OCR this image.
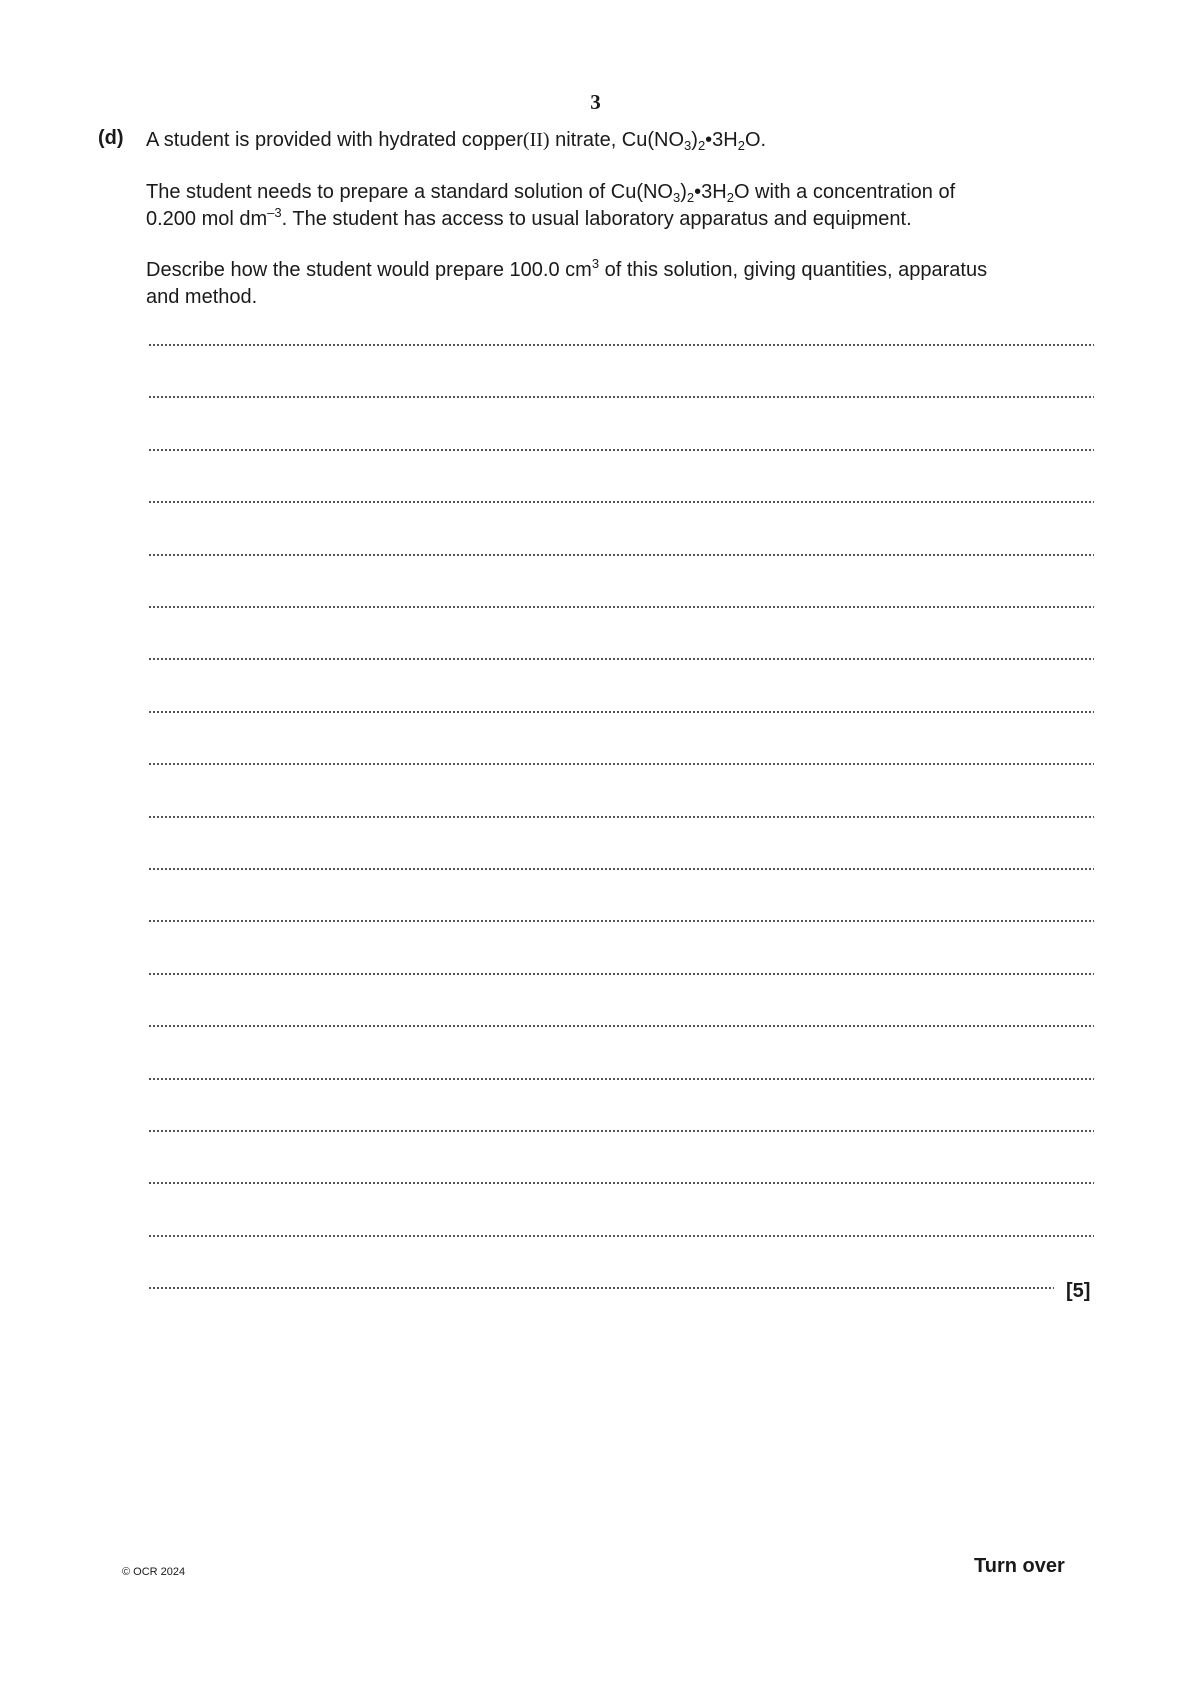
3
(d) A student is provided with hydrated copper(II) nitrate, $Cu(NO_3)_2•3H_2O$.
The student needs to prepare a standard solution of $Cu(NO_3)_2•3H_2O$ with a concentration of
0.200 mol $dm^{-3}$. The student has access to usual laboratory apparatus and equipment.
Describe how the student would prepare 100.0 $cm^3$ of this solution, giving quantities, apparatus
and method.
[5]
© OCR 2024	Turn over
